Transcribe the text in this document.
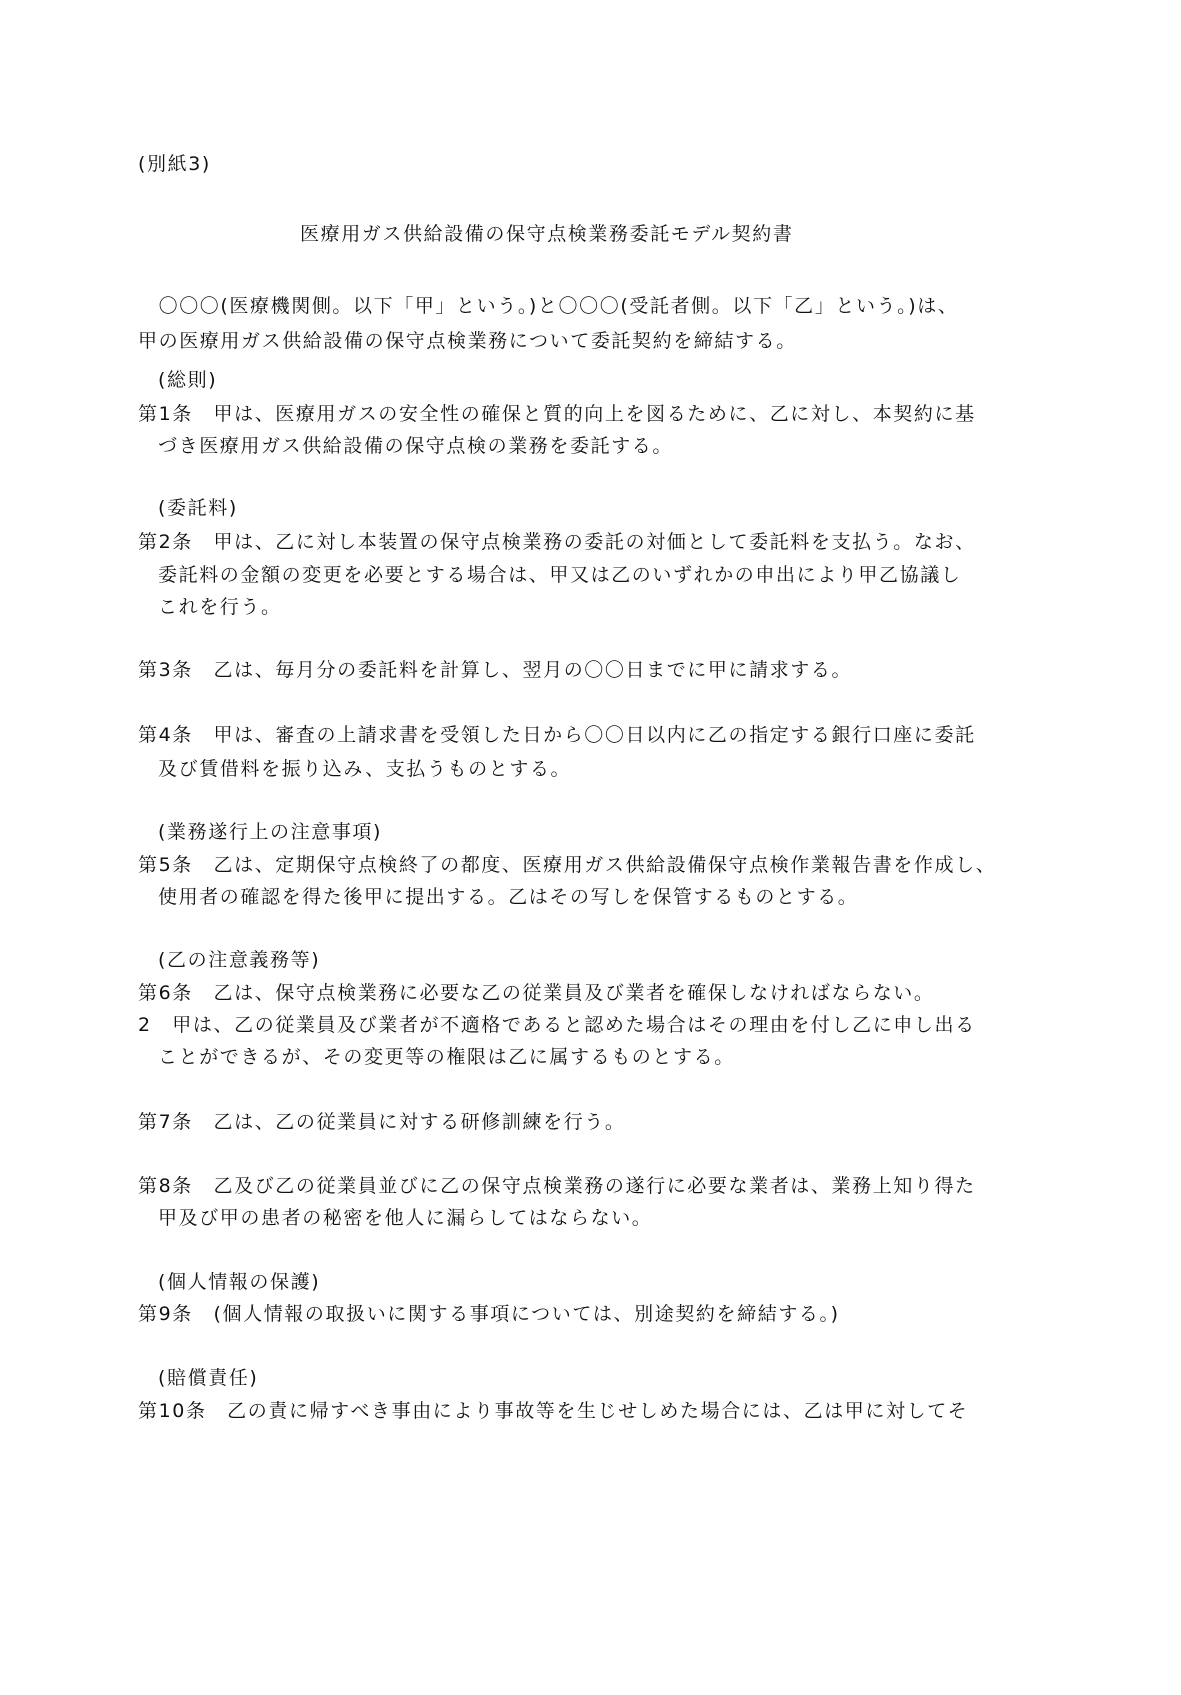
(別紙3)
医療用ガス供給設備の保守点検業務委託モデル契約書
　〇〇〇(医療機関側。以下「甲」という。)と〇〇〇(受託者側。以下「乙」という。)は、
甲の医療用ガス供給設備の保守点検業務について委託契約を締結する。
(総則)
第1条　甲は、医療用ガスの安全性の確保と質的向上を図るために、乙に対し、本契約に基
づき医療用ガス供給設備の保守点検の業務を委託する。
(委託料)
第2条　甲は、乙に対し本装置の保守点検業務の委託の対価として委託料を支払う。なお、
委託料の金額の変更を必要とする場合は、甲又は乙のいずれかの申出により甲乙協議し
これを行う。
第3条　乙は、毎月分の委託料を計算し、翌月の〇〇日までに甲に請求する。
第4条　甲は、審査の上請求書を受領した日から〇〇日以内に乙の指定する銀行口座に委託
及び賃借料を振り込み、支払うものとする。
(業務遂行上の注意事項)
第5条　乙は、定期保守点検終了の都度、医療用ガス供給設備保守点検作業報告書を作成し、
使用者の確認を得た後甲に提出する。乙はその写しを保管するものとする。
(乙の注意義務等)
第6条　乙は、保守点検業務に必要な乙の従業員及び業者を確保しなければならない。
2　甲は、乙の従業員及び業者が不適格であると認めた場合はその理由を付し乙に申し出る
ことができるが、その変更等の権限は乙に属するものとする。
第7条　乙は、乙の従業員に対する研修訓練を行う。
第8条　乙及び乙の従業員並びに乙の保守点検業務の遂行に必要な業者は、業務上知り得た
甲及び甲の患者の秘密を他人に漏らしてはならない。
(個人情報の保護)
第9条　(個人情報の取扱いに関する事項については、別途契約を締結する。)
(賠償責任)
第10条　乙の責に帰すべき事由により事故等を生じせしめた場合には、乙は甲に対してそ
